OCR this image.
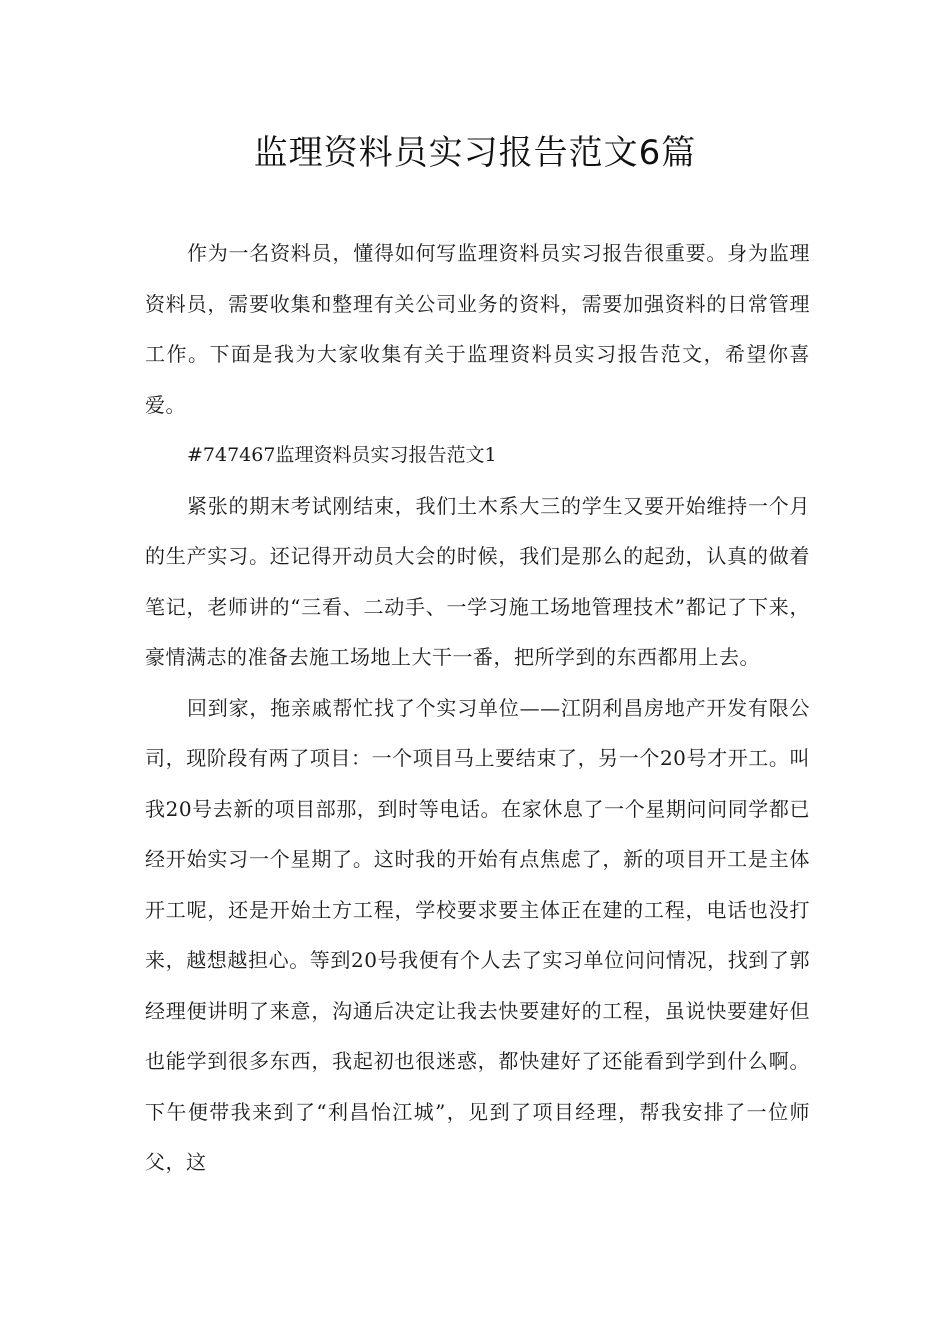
监理资料员实习报告范文6篇

作为一名资料员，懂得如何写监理资料员实习报告很重要。身为监理资料员，需要收集和整理有关公司业务的资料，需要加强资料的日常管理工作。下面是我为大家收集有关于监理资料员实习报告范文，希望你喜爱。

#747467监理资料员实习报告范文1

紧张的期末考试刚结束，我们土木系大三的学生又要开始维持一个月的生产实习。还记得开动员大会的时候，我们是那么的起劲，认真的做着笔记，老师讲的“三看、二动手、一学习施工场地管理技术”都记了下来，豪情满志的准备去施工场地上大干一番，把所学到的东西都用上去。

回到家，拖亲戚帮忙找了个实习单位——江阴利昌房地产开发有限公司，现阶段有两了项目：一个项目马上要结束了，另一个20号才开工。叫我20号去新的项目部那，到时等电话。在家休息了一个星期问问同学都已经开始实习一个星期了。这时我的开始有点焦虑了，新的项目开工是主体开工呢，还是开始土方工程，学校要求要主体正在建的工程，电话也没打来，越想越担心。等到20号我便有个人去了实习单位问问情况，找到了郭经理便讲明了来意，沟通后决定让我去快要建好的工程，虽说快要建好但也能学到很多东西，我起初也很迷惑，都快建好了还能看到学到什么啊。下午便带我来到了“利昌怡江城”，见到了项目经理，帮我安排了一位师父，这
